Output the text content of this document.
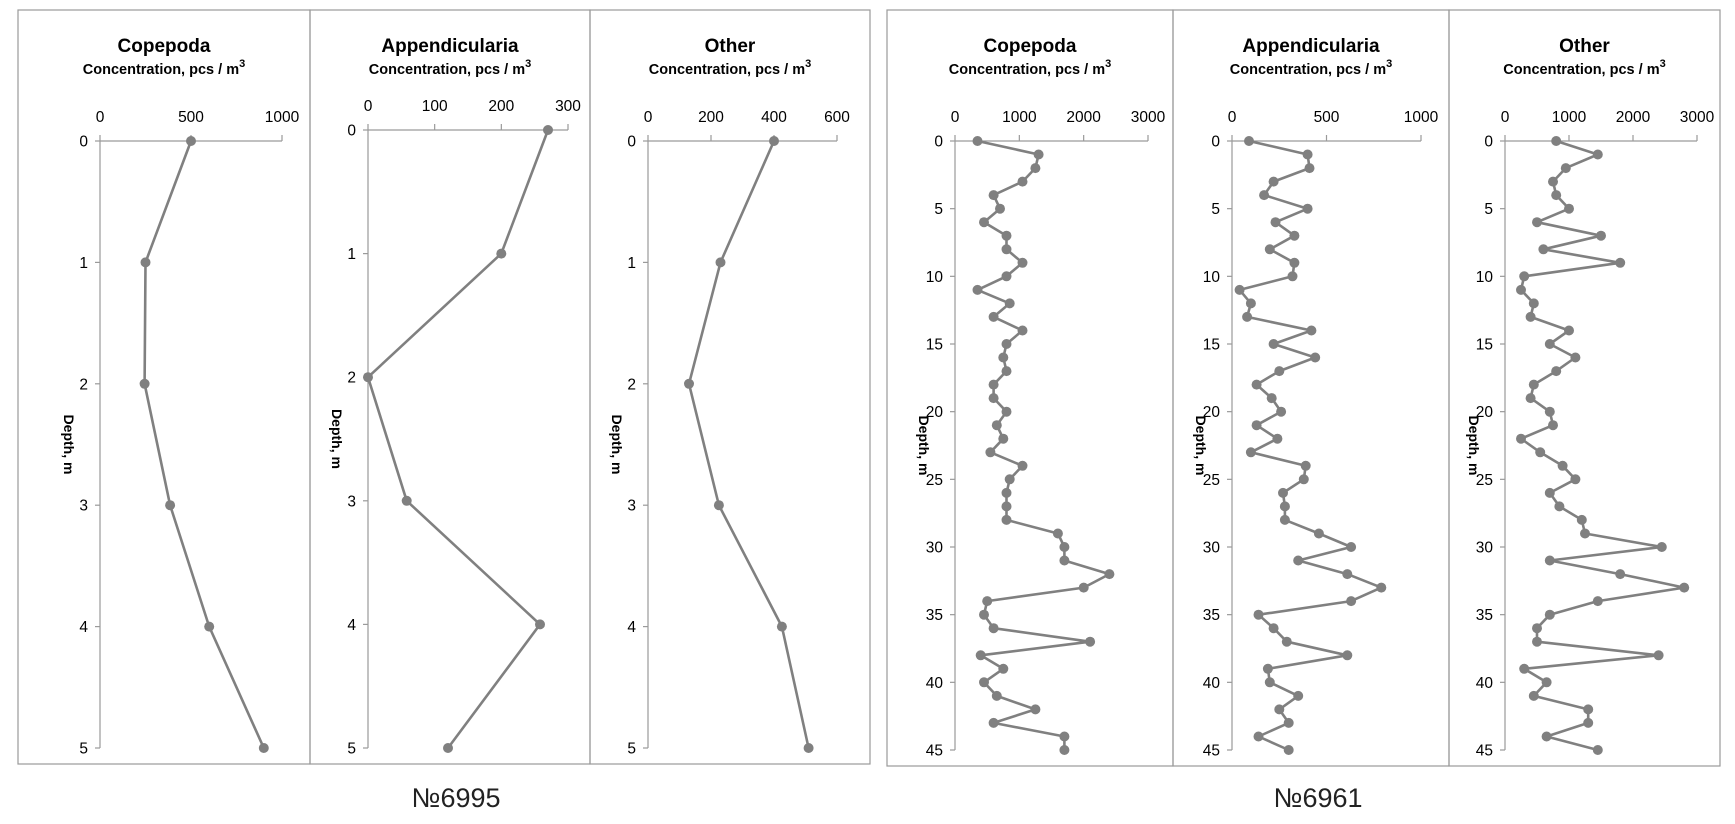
Copepoda
Concentration, pcs / $m^3$
0	500	1000
0
1
2
3
4
5
Depth, m
Appendicularia
Concentration, pcs / $m^3$
0	100	200	300
0
1
2
3
4
5
Depth, m
Other
Concentration, pcs / $m^3$
0	200 400 600
0
1
2
3
4
5
Depth, m
Copepoda
Concentration, pcs / $m^3$
0	1000 2000 3000
0
5
10
15
20
25
30
35
40
45
Depth, m
Appendicularia
Concentration, pcs / $m^3$
0	500	1000
0
5
10
15
20
25
30
35
40
45
Depth, m
Other
Concentration, pcs / $m^3$
0	1000 2000 3000
0
5
10
15
20
25
30
35
40
45
Depth, m
№6995	№6961
